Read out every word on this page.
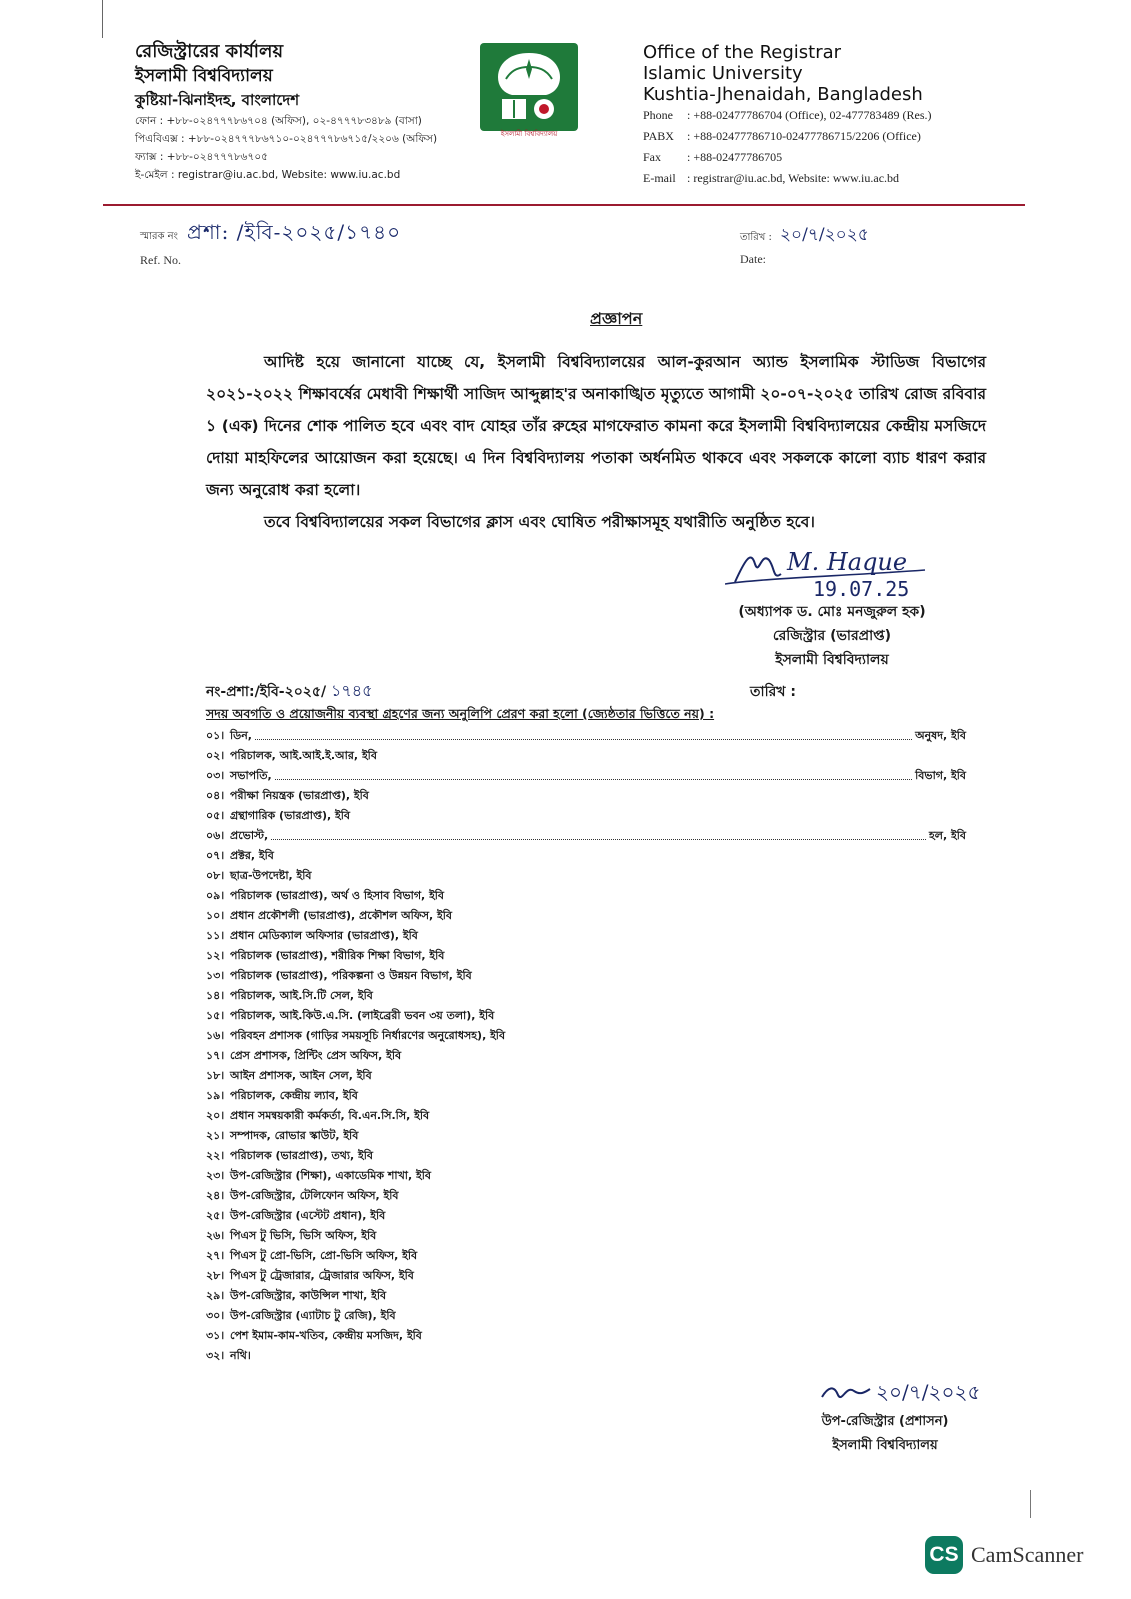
রেজিস্ট্রারের কার্যালয়
ইসলামী বিশ্ববিদ্যালয়
কুষ্টিয়া-ঝিনাইদহ, বাংলাদেশ
ফোন : +৮৮-০২৪৭৭৭৮৬৭০৪ (অফিস), ০২-৪৭৭৭৮৩৪৮৯ (বাসা)
পিএবিএক্স : +৮৮-০২৪৭৭৭৮৬৭১০-০২৪৭৭৭৮৬৭১৫/২২০৬ (অফিস)
ফ্যাক্স : +৮৮-০২৪৭৭৭৮৬৭০৫
ই-মেইল : registrar@iu.ac.bd, Website: www.iu.ac.bd
ইসলামী বিশ্ববিদ্যালয়
Office of the Registrar
Islamic University
Kushtia-Jhenaidah, Bangladesh
Phone : +88-02477786704 (Office), 02-477783489 (Res.)
PABX : +88-02477786710-02477786715/2206 (Office)
Fax : +88-02477786705
E-mail : registrar@iu.ac.bd, Website: www.iu.ac.bd
স্মারক নং প্রশা: /ইবি-২০২৫/১৭৪০
Ref. No.
তারিখ : ২০/৭/২০২৫
Date:
প্রজ্ঞাপন

আদিষ্ট হয়ে জানানো যাচ্ছে যে, ইসলামী বিশ্ববিদ্যালয়ের আল-কুরআন অ্যান্ড ইসলামিক স্টাডিজ বিভাগের ২০২১-২০২২ শিক্ষাবর্ষের মেধাবী শিক্ষার্থী সাজিদ আব্দুল্লাহ'র অনাকাঙ্খিত মৃত্যুতে আগামী ২০-০৭-২০২৫ তারিখ রোজ রবিবার ১ (এক) দিনের শোক পালিত হবে এবং বাদ যোহর তাঁর রুহের মাগফেরাত কামনা করে ইসলামী বিশ্ববিদ্যালয়ের কেন্দ্রীয় মসজিদে দোয়া মাহফিলের আয়োজন করা হয়েছে। এ দিন বিশ্ববিদ্যালয় পতাকা অর্ধনমিত থাকবে এবং সকলকে কালো ব্যাচ ধারণ করার জন্য অনুরোধ করা হলো।

তবে বিশ্ববিদ্যালয়ের সকল বিভাগের ক্লাস এবং ঘোষিত পরীক্ষাসমূহ যথারীতি অনুষ্ঠিত হবে।

M. Haque
19.07.25
(অধ্যাপক ড. মোঃ মনজুরুল হক)
রেজিস্ট্রার (ভারপ্রাপ্ত)
ইসলামী বিশ্ববিদ্যালয়
নং-প্রশা:/ইবি-২০২৫/ ১৭৪৫	তারিখ :
সদয় অবগতি ও প্রয়োজনীয় ব্যবস্থা গ্রহণের জন্য অনুলিপি প্রেরণ করা হলো (জ্যেষ্ঠতার ভিত্তিতে নয়) :
০১। ডিন,	অনুষদ, ইবি
০২। পরিচালক, আই.আই.ই.আর, ইবি
০৩। সভাপতি,	বিভাগ, ইবি
০৪। পরীক্ষা নিয়ন্ত্রক (ভারপ্রাপ্ত), ইবি
০৫। গ্রন্থাগারিক (ভারপ্রাপ্ত), ইবি
০৬। প্রভোস্ট,	হল, ইবি
০৭। প্রক্টর, ইবি
০৮। ছাত্র-উপদেষ্টা, ইবি
০৯। পরিচালক (ভারপ্রাপ্ত), অর্থ ও হিসাব বিভাগ, ইবি
১০। প্রধান প্রকৌশলী (ভারপ্রাপ্ত), প্রকৌশল অফিস, ইবি
১১। প্রধান মেডিক্যাল অফিসার (ভারপ্রাপ্ত), ইবি
১২। পরিচালক (ভারপ্রাপ্ত), শরীরিক শিক্ষা বিভাগ, ইবি
১৩। পরিচালক (ভারপ্রাপ্ত), পরিকল্পনা ও উন্নয়ন বিভাগ, ইবি
১৪। পরিচালক, আই.সি.টি সেল, ইবি
১৫। পরিচালক, আই.কিউ.এ.সি. (লাইব্রেরী ভবন ৩য় তলা), ইবি
১৬। পরিবহন প্রশাসক (গাড়ির সময়সূচি নির্ধারণের অনুরোধসহ), ইবি
১৭। প্রেস প্রশাসক, প্রিন্টিং প্রেস অফিস, ইবি
১৮। আইন প্রশাসক, আইন সেল, ইবি
১৯। পরিচালক, কেন্দ্রীয় ল্যাব, ইবি
২০। প্রধান সমন্বয়কারী কর্মকর্তা, বি.এন.সি.সি, ইবি
২১। সম্পাদক, রোভার স্কাউট, ইবি
২২। পরিচালক (ভারপ্রাপ্ত), তথ্য, ইবি
২৩। উপ-রেজিস্ট্রার (শিক্ষা), একাডেমিক শাখা, ইবি
২৪। উপ-রেজিস্ট্রার, টেলিফোন অফিস, ইবি
২৫। উপ-রেজিস্ট্রার (এস্টেট প্রধান), ইবি
২৬। পিএস টু ভিসি, ভিসি অফিস, ইবি
২৭। পিএস টু প্রো-ভিসি, প্রো-ভিসি অফিস, ইবি
২৮। পিএস টু ট্রেজারার, ট্রেজারার অফিস, ইবি
২৯। উপ-রেজিস্ট্রার, কাউন্সিল শাখা, ইবি
৩০। উপ-রেজিস্ট্রার (এ্যাটাচ টু রেজি), ইবি
৩১। পেশ ইমাম-কাম-খতিব, কেন্দ্রীয় মসজিদ, ইবি
৩২। নথি।
২০/৭/২০২৫
উপ-রেজিস্ট্রার (প্রশাসন)
ইসলামী বিশ্ববিদ্যালয়
CS CamScanner
